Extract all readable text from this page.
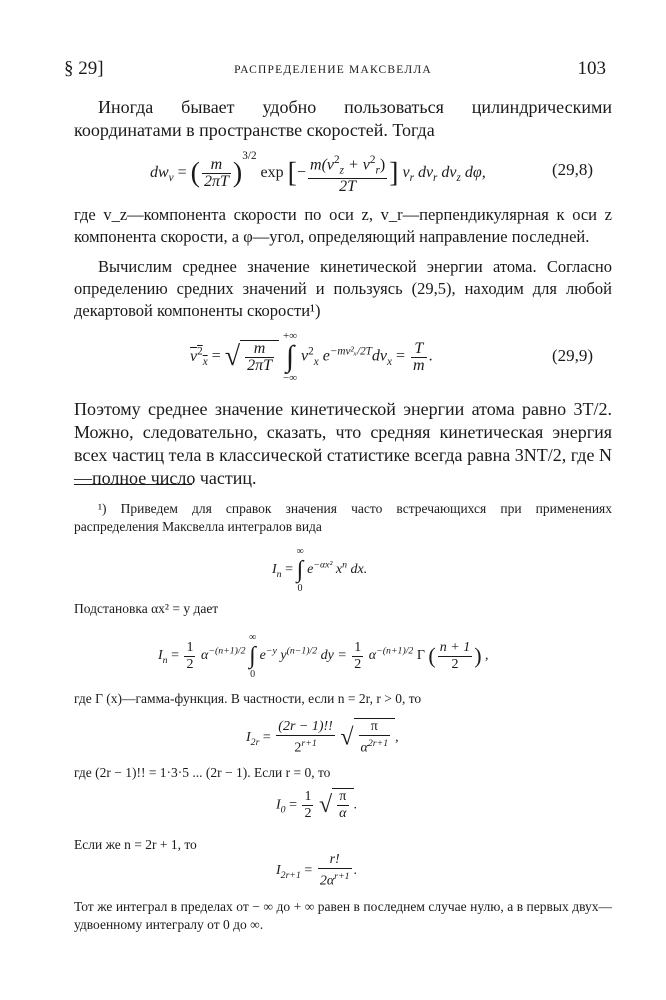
§ 29]	РАСПРЕДЕЛЕНИЕ МАКСВЕЛЛА	103
Иногда бывает удобно пользоваться цилиндрическими координатами в пространстве скоростей. Тогда
$dw_v$ = ( $\frac{m}{2\pi T} )^{3/2}$ exp [− $\frac{m(v^2_z + v^2_r)}{2T}$ ] $v_r$ $dv_r$ $dv_z$ dφ,	(29,8)
где v_z—компонента скорости по оси z, v_r—перпендикулярная к оси z компонента скорости, а φ—угол, определяющий направление последней.
Вычислим среднее значение кинетической энергии атома. Согласно определению средних значений и пользуясь (29,5), находим для любой декартовой компоненты скорости¹)
$v^2_x$ = √ $\frac{m}{2\pi T}$

+∞
∫
−∞
$v^2_x$ $e^{-mv^2_x/2T}dv_x = \frac{T}{m}$ .	(29,9)
Поэтому среднее значение кинетической энергии атома равно 3T/2. Можно, следовательно, сказать, что средняя кинетическая энергия всех частиц тела в классической статистике всегда равна 3NT/2, где N—полное число частиц.
¹) Приведем для справок значения часто встречающихся при применениях распределения Максвелла интегралов вида
$I_n$ =
∞
∫
0
$e^{-\alpha x^2}$ $x^n$ dx.
Подстановка αx² = y дает
$I_n = \frac{1}{2} \alpha^{-(n+1)/2}$
∞
∫
0
$e^{-y}$ $y^{(n-1)/2}$ dy = $\frac{1}{2} \alpha^{-(n+1)/2}$ Γ ( $\frac{n + 1}{2}$ ) ,
где Γ (x)—гамма-функция. В частности, если n = 2r, r > 0, то
$I_{2r} = \frac{(2r - 1)!!}{2^{r+1}}$ √ $\frac{\pi}{\alpha^{2r+1}}$ ,
где (2r − 1)!! = 1·3·5 ... (2r − 1). Если r = 0, то
$I_0 = \frac{1}{2}$ √ $\frac{\pi}{\alpha}$ .
Если же n = 2r + 1, то
$I_{2r+1} = \frac{r!}{2\alpha^{r+1}}$ .
Тот же интеграл в пределах от − ∞ до + ∞ равен в последнем случае нулю, а в первых двух—удвоенному интегралу от 0 до ∞.
